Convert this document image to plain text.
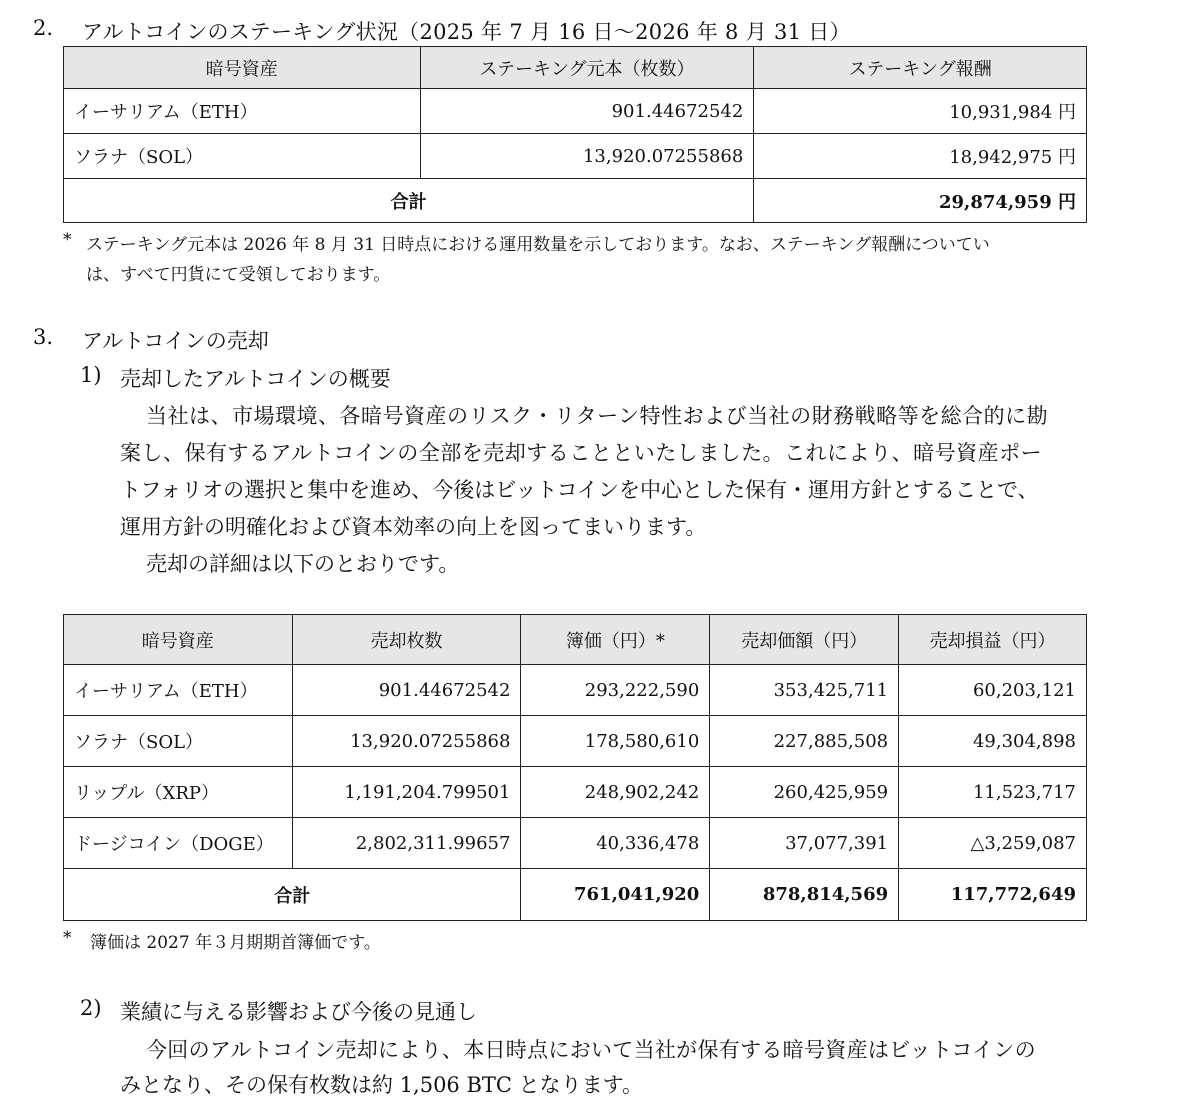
2. アルトコインのステーキング状況（2025 年 7 月 16 日～2026 年 8 月 31 日）
暗号資産	ステーキング元本（枚数）	ステーキング報酬
イーサリアム（ETH）	901.44672542	10,931,984 円
ソラナ（SOL）	13,920.07255868	18,942,975 円
合計		29,874,959 円
* ステーキング元本は 2026 年 8 月 31 日時点における運用数量を示しております。なお、ステーキング報酬についてい
は、すべて円貨にて受領しております。
3. アルトコインの売却
1) 売却したアルトコインの概要
当社は、市場環境、各暗号資産のリスク・リターン特性および当社の財務戦略等を総合的に勘
案し、保有するアルトコインの全部を売却することといたしました。これにより、暗号資産ポー
トフォリオの選択と集中を進め、今後はビットコインを中心とした保有・運用方針とすることで、
運用方針の明確化および資本効率の向上を図ってまいります。
売却の詳細は以下のとおりです。
暗号資産	売却枚数	簿価（円）*	売却価額（円）	売却損益（円）
イーサリアム（ETH）	901.44672542	293,222,590	353,425,711	60,203,121
ソラナ（SOL）	13,920.07255868	178,580,610	227,885,508	49,304,898
リップル（XRP）	1,191,204.799501	248,902,242	260,425,959	11,523,717
ドージコイン（DOGE）	2,802,311.99657	40,336,478	37,077,391	△3,259,087
合計		761,041,920	878,814,569	117,772,649
* 簿価は 2027 年３月期期首簿価です。
2) 業績に与える影響および今後の見通し
今回のアルトコイン売却により、本日時点において当社が保有する暗号資産はビットコインの
みとなり、その保有枚数は約 1,506 BTC となります。
